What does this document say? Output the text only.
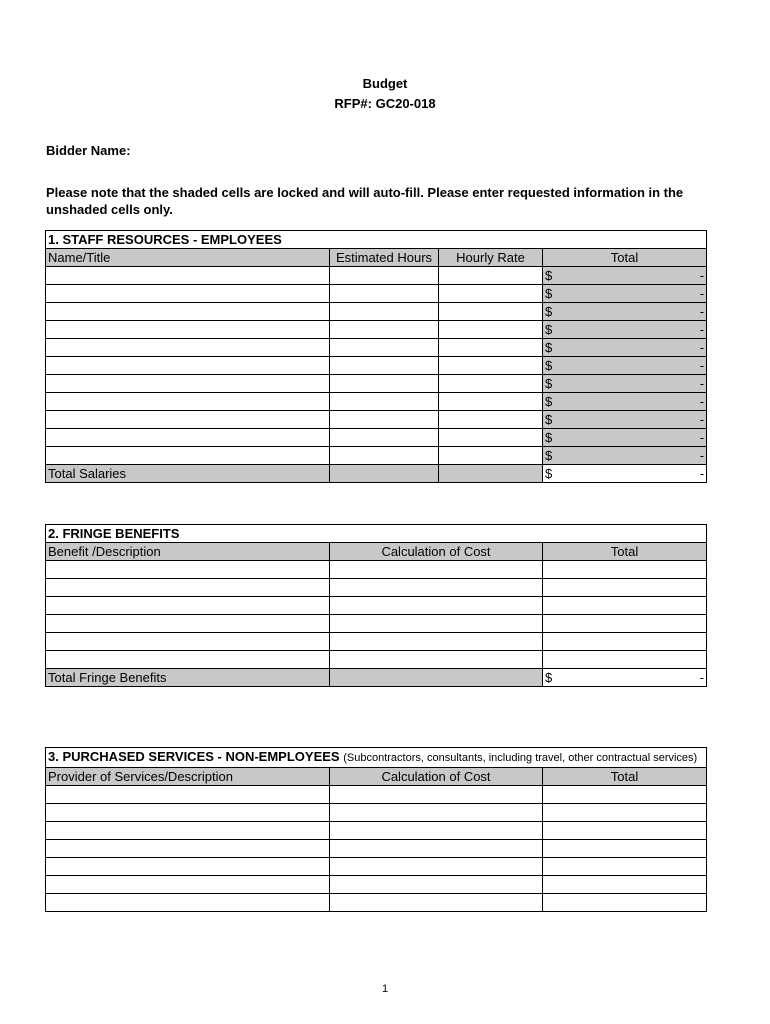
Budget
RFP#: GC20-018
Bidder Name:
Please note that the shaded cells are locked and will auto-fill. Please enter requested information in the unshaded cells only.
1. STAFF RESOURCES - EMPLOYEES			
Name/Title	Estimated Hours	Hourly Rate	Total

			$ -

			$ -

			$ -

			$ -

			$ -

			$ -

			$ -

			$ -

			$ -

			$ -

			$ -

Total Salaries			$ -
2. FRINGE BENEFITS		
Benefit /Description	Calculation of Cost	Total

Total Fringe Benefits		$ -
3. PURCHASED SERVICES - NON-EMPLOYEES (Subcontractors, consultants, including travel, other contractual services)		
Provider of Services/Description	Calculation of Cost	Total

1
